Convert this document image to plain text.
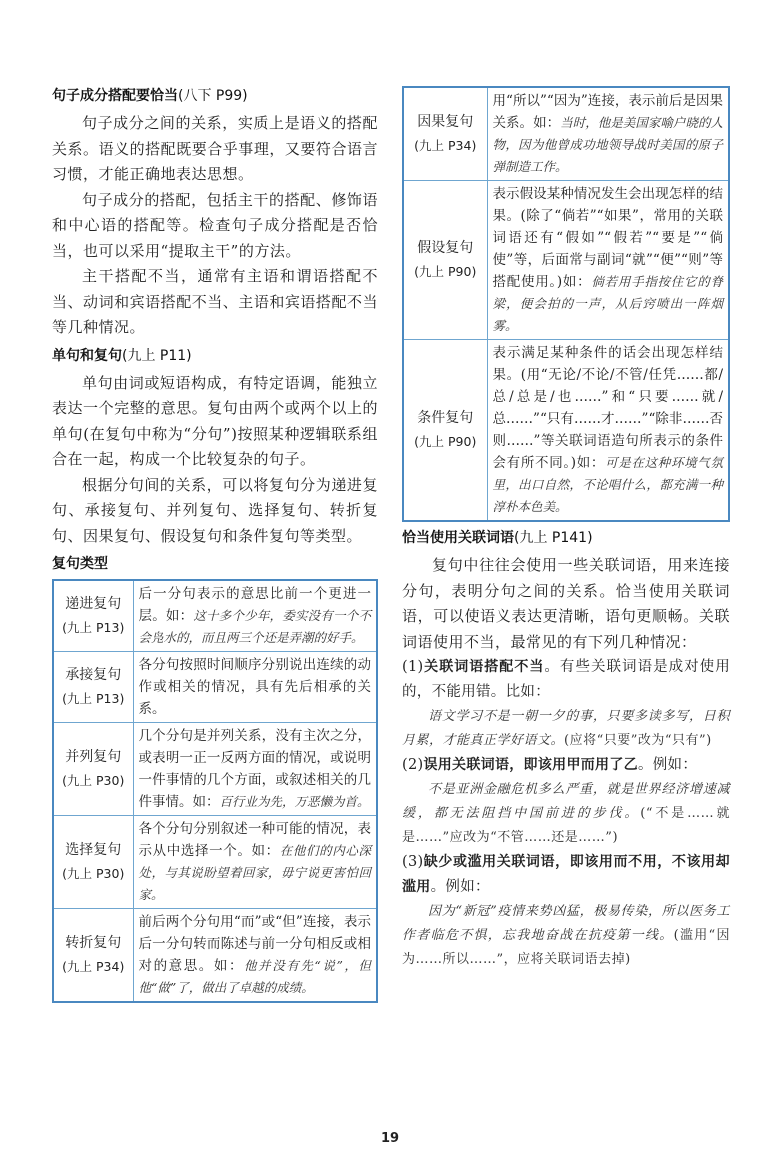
句子成分搭配要恰当(八下 P99)

句子成分之间的关系，实质上是语义的搭配关系。语义的搭配既要合乎事理，又要符合语言习惯，才能正确地表达思想。

句子成分的搭配，包括主干的搭配、修饰语和中心语的搭配等。检查句子成分搭配是否恰当，也可以采用“提取主干”的方法。

主干搭配不当，通常有主语和谓语搭配不当、动词和宾语搭配不当、主语和宾语搭配不当等几种情况。

单句和复句(九上 P11)

单句由词或短语构成，有特定语调，能独立表达一个完整的意思。复句由两个或两个以上的单句(在复句中称为“分句”)按照某种逻辑联系组合在一起，构成一个比较复杂的句子。

根据分句间的关系，可以将复句分为递进复句、承接复句、并列复句、选择复句、转折复句、因果复句、假设复句和条件复句等类型。

复句类型
递进复句
(九上 P13)	后一分句表示的意思比前一个更进一层。如：这十多个少年，委实没有一个不会凫水的，而且两三个还是弄潮的好手。

承接复句
(九上 P13)	各分句按照时间顺序分别说出连续的动作或相关的情况，具有先后相承的关系。

并列复句
(九上 P30)	几个分句是并列关系，没有主次之分，或表明一正一反两方面的情况，或说明一件事情的几个方面，或叙述相关的几件事情。如：百行业为先，万恶懒为首。

选择复句
(九上 P30)	各个分句分别叙述一种可能的情况，表示从中选择一个。如：在他们的内心深处，与其说盼望着回家，毋宁说更害怕回家。

转折复句
(九上 P34)	前后两个分句用“而”或“但”连接，表示后一分句转而陈述与前一分句相反或相对的意思。如：他并没有先“说”，但他“做”了，做出了卓越的成绩。
因果复句
(九上 P34)	用“所以”“因为”连接，表示前后是因果关系。如：当时，他是美国家喻户晓的人物，因为他曾成功地领导战时美国的原子弹制造工作。

假设复句
(九上 P90)	表示假设某种情况发生会出现怎样的结果。(除了“倘若”“如果”，常用的关联词语还有“假如”“假若”“要是”“倘使”等，后面常与副词“就”“便”“则”等搭配使用。)如：倘若用手指按住它的脊梁，便会拍的一声，从后窍喷出一阵烟雾。

条件复句
(九上 P90)	表示满足某种条件的话会出现怎样结果。(用“无论/不论/不管/任凭……都/总/总是/也……”和“只要……就/总……”“只有……才……”“除非……否则……”等关联词语造句所表示的条件会有所不同。)如：可是在这种环境气氛里，出口自然，不论唱什么，都充满一种淳朴本色美。
恰当使用关联词语(九上 P141)

复句中往往会使用一些关联词语，用来连接分句，表明分句之间的关系。恰当使用关联词语，可以使语义表达更清晰，语句更顺畅。关联词语使用不当，最常见的有下列几种情况：

(1)关联词语搭配不当。有些关联词语是成对使用的，不能用错。比如：

语文学习不是一朝一夕的事，只要多读多写，日积月累，才能真正学好语文。(应将“只要”改为“只有”)

(2)误用关联词语，即该用甲而用了乙。例如：

不是亚洲金融危机多么严重，就是世界经济增速减缓，都无法阻挡中国前进的步伐。(“不是……就是……”应改为“不管……还是……”)

(3)缺少或滥用关联词语，即该用而不用，不该用却滥用。例如：

因为“新冠”疫情来势凶猛，极易传染，所以医务工作者临危不惧，忘我地奋战在抗疫第一线。(滥用“因为……所以……”，应将关联词语去掉)

19
